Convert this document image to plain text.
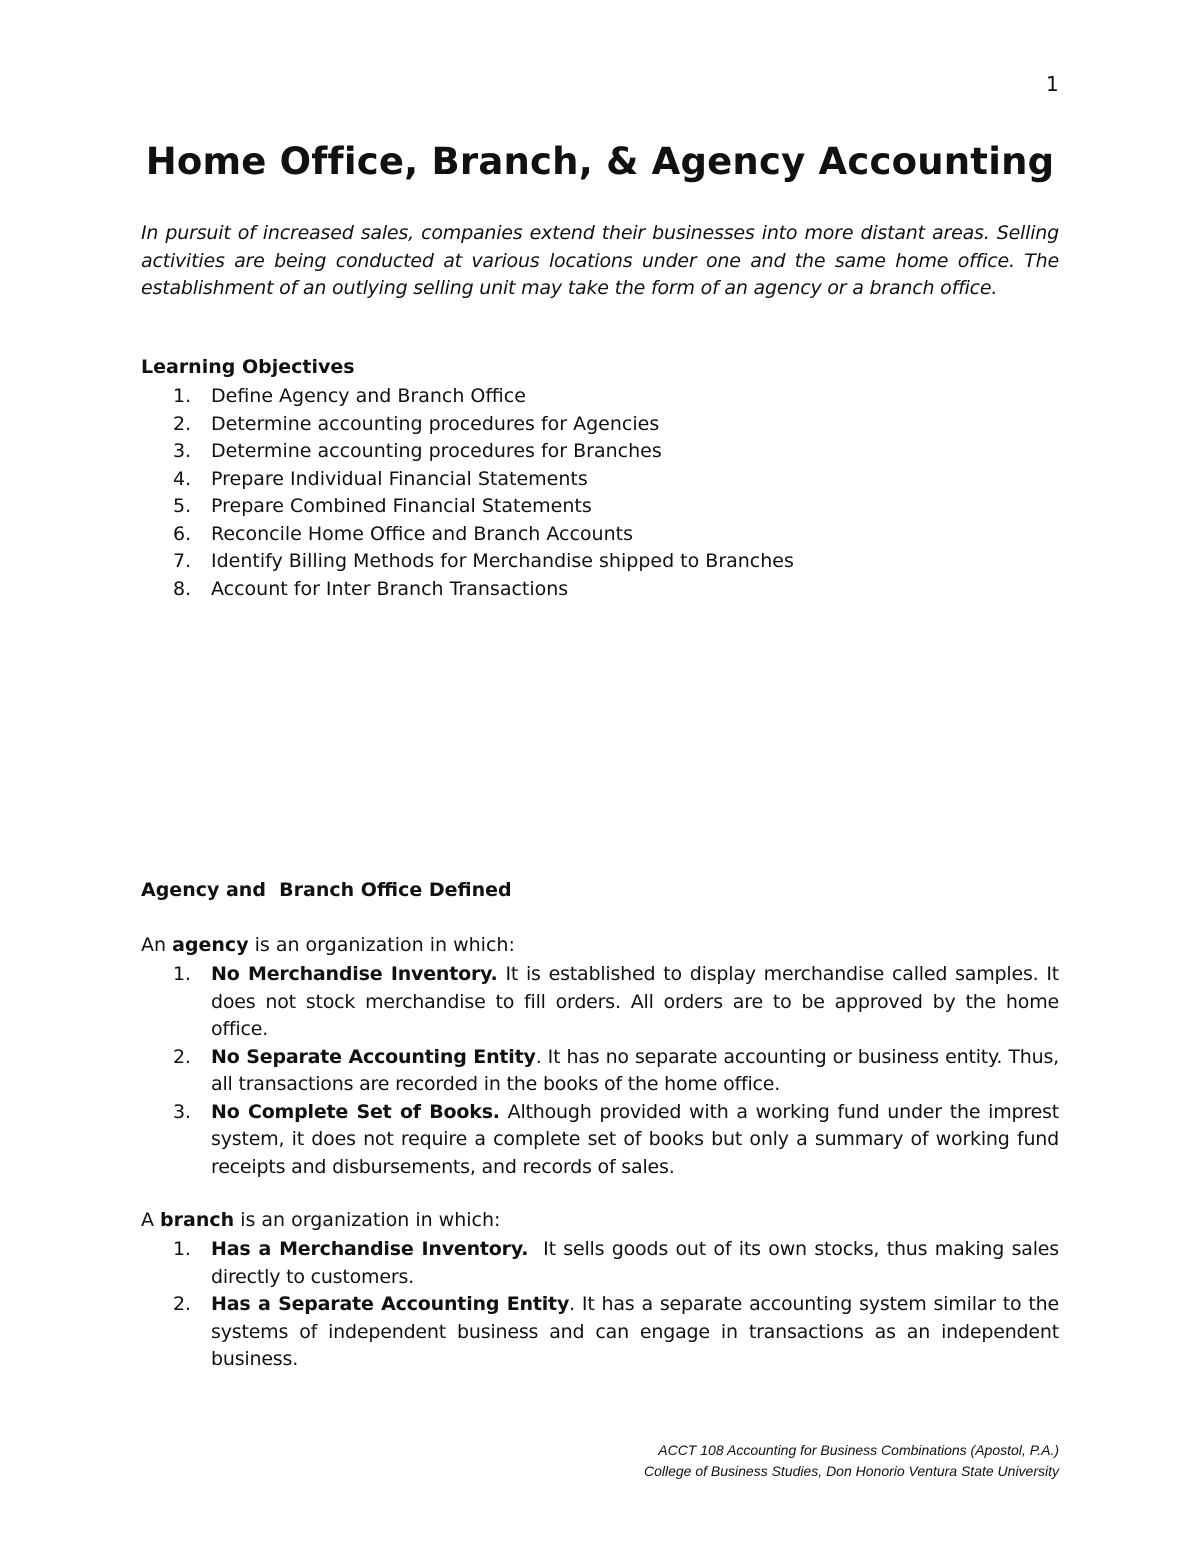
1
Home Office, Branch, & Agency Accounting

In pursuit of increased sales, companies extend their businesses into more distant areas. Selling activities are being conducted at various locations under one and the same home office. The establishment of an outlying selling unit may take the form of an agency or a branch office.

Learning Objectives
1. Define Agency and Branch Office
2. Determine accounting procedures for Agencies
3. Determine accounting procedures for Branches
4. Prepare Individual Financial Statements
5. Prepare Combined Financial Statements
6. Reconcile Home Office and Branch Accounts
7. Identify Billing Methods for Merchandise shipped to Branches
8. Account for Inter Branch Transactions
Agency and  Branch Office Defined

An agency is an organization in which:

1. No Merchandise Inventory. It is established to display merchandise called samples. It does not stock merchandise to fill orders. All orders are to be approved by the home office.
2. No Separate Accounting Entity. It has no separate accounting or business entity. Thus, all transactions are recorded in the books of the home office.
3. No Complete Set of Books. Although provided with a working fund under the imprest system, it does not require a complete set of books but only a summary of working fund receipts and disbursements, and records of sales.

A branch is an organization in which:

1. Has a Merchandise Inventory.  It sells goods out of its own stocks, thus making sales directly to customers.
2. Has a Separate Accounting Entity. It has a separate accounting system similar to the systems of independent business and can engage in transactions as an independent business.
ACCT 108 Accounting for Business Combinations (Apostol, P.A.)
College of Business Studies, Don Honorio Ventura State University
